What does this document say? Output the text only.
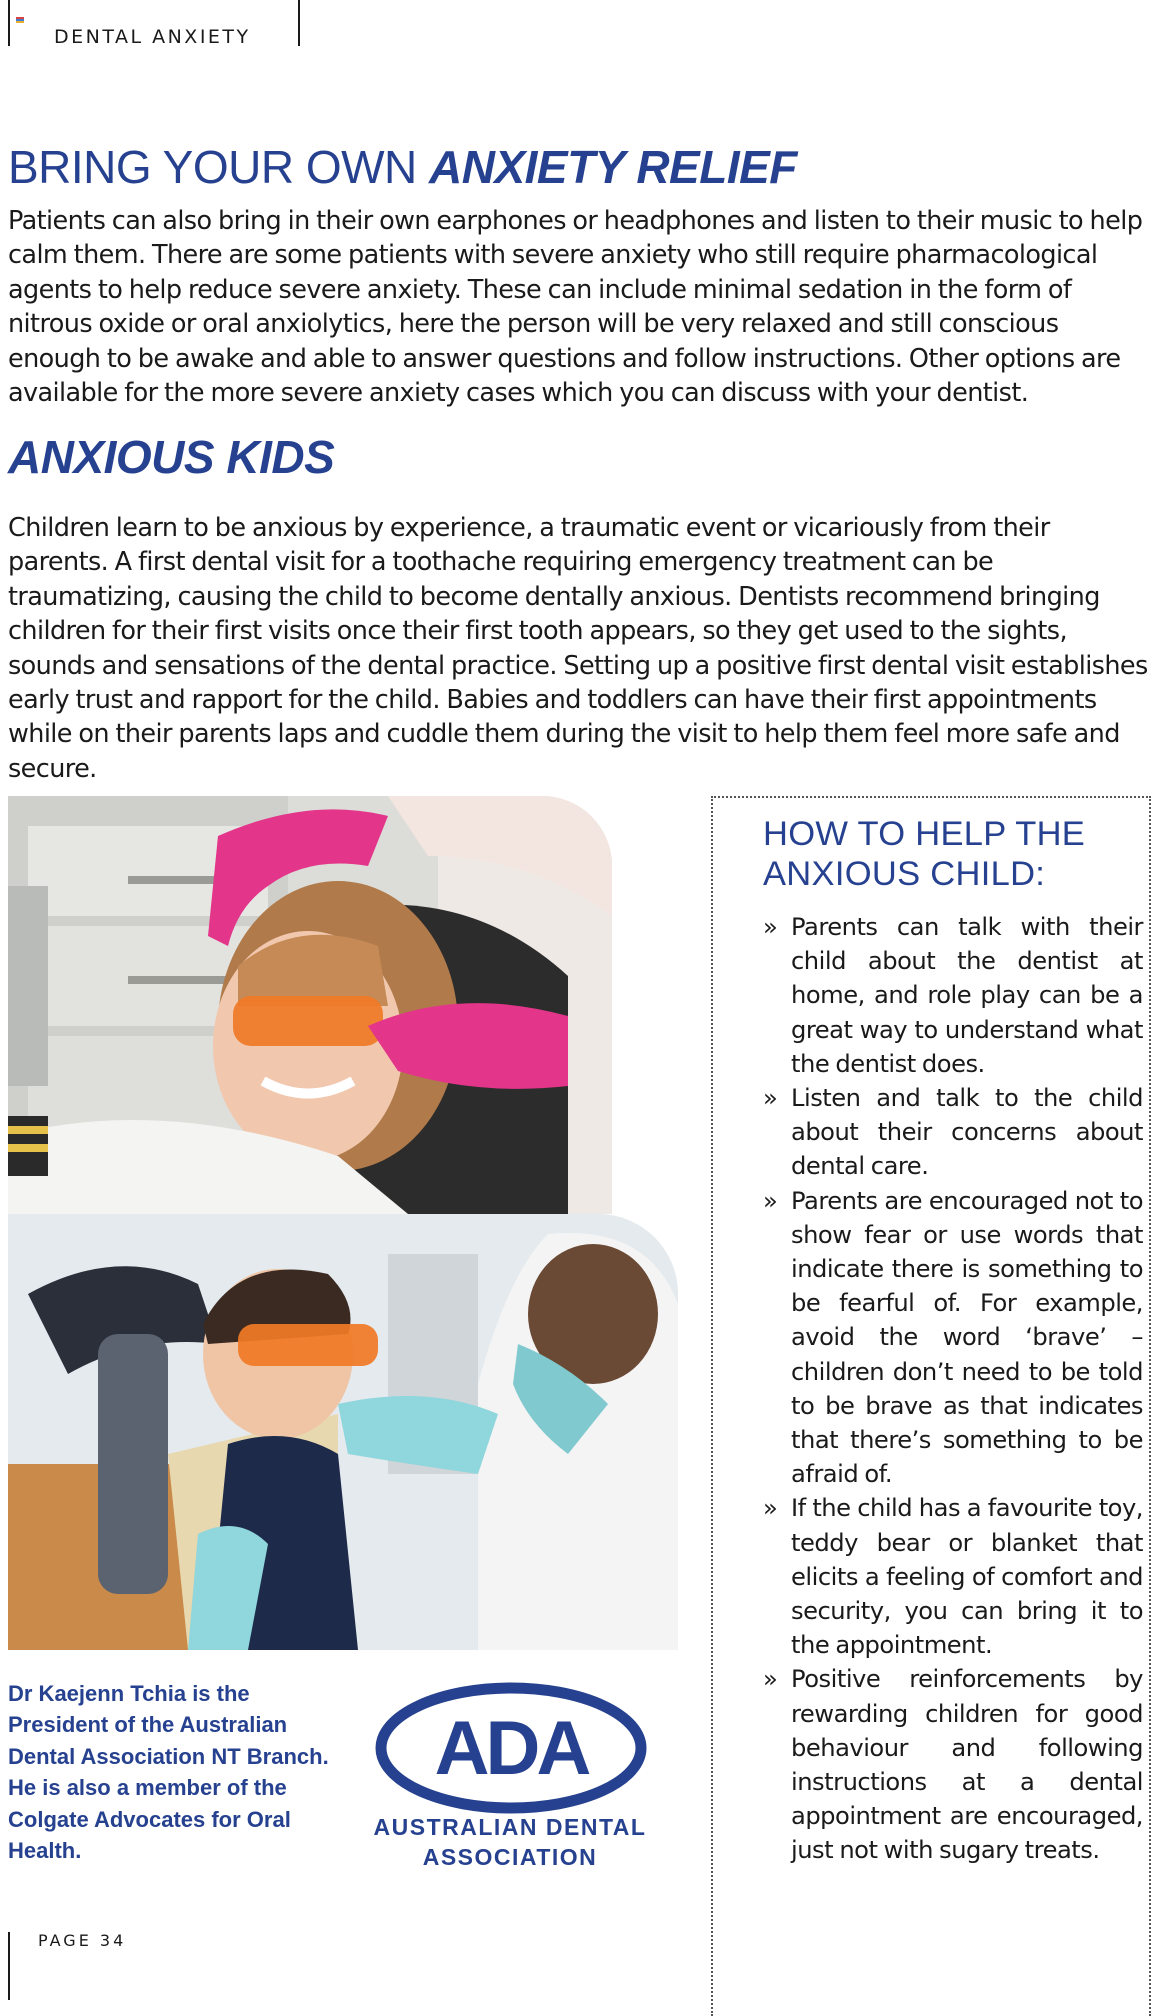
DENTAL ANXIETY
BRING YOUR OWN ANXIETY RELIEF

Patients can also bring in their own earphones or headphones and listen to their music to help calm them. There are some patients with severe anxiety who still require pharmacological agents to help reduce severe anxiety. These can include minimal sedation in the form of nitrous oxide or oral anxiolytics, here the person will be very relaxed and still conscious enough to be awake and able to answer questions and follow instructions. Other options are available for the more severe anxiety cases which you can discuss with your dentist.

ANXIOUS KIDS

Children learn to be anxious by experience, a traumatic event or vicariously from their parents. A first dental visit for a toothache requiring emergency treatment can be traumatizing, causing the child to become dentally anxious. Dentists recommend bringing children for their first visits once their first tooth appears, so they get used to the sights, sounds and sensations of the dental practice. Setting up a positive first dental visit establishes early trust and rapport for the child. Babies and toddlers can have their first appointments while on their parents laps and cuddle them during the visit to help them feel more safe and secure.

Dr Kaejenn Tchia is the President of the Australian Dental Association NT Branch. He is also a member of the Colgate Advocates for Oral Health.

ADA
AUSTRALIAN DENTAL
ASSOCIATION
HOW TO HELP THE
ANXIOUS CHILD:
» Parents can talk with their child about the dentist at home, and role play can be a great way to understand what the dentist does.
» Listen and talk to the child about their concerns about dental care.
» Parents are encouraged not to show fear or use words that indicate there is something to be fearful of. For example, avoid the word ‘brave’ – children don’t need to be told to be brave as that indicates that there’s something to be afraid of.
» If the child has a favourite toy, teddy bear or blanket that elicits a feeling of comfort and security, you can bring it to the appointment.
» Positive reinforcements by rewarding children for good behaviour and following instructions at a dental appointment are encouraged, just not with sugary treats.
PAGE 34
